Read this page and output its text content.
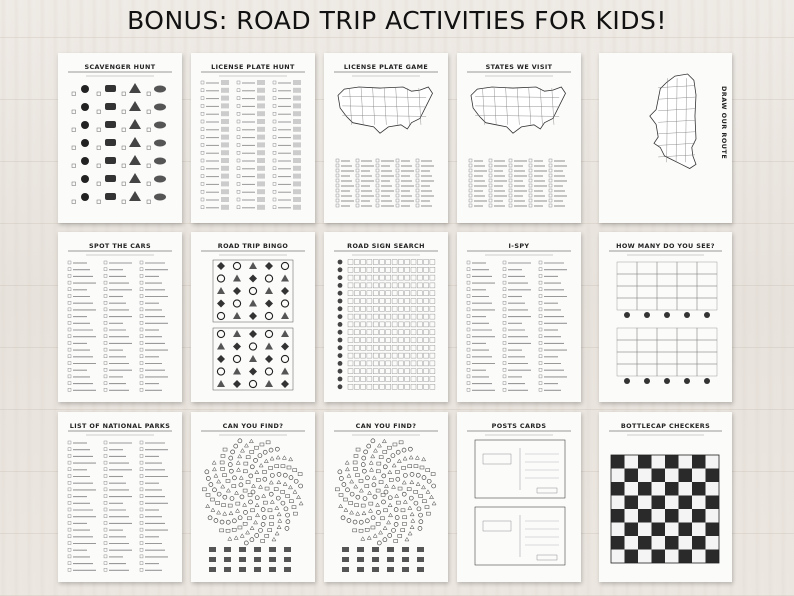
BONUS: ROAD TRIP ACTIVITIES FOR KIDS!
SCAVENGER HUNT	LICENSE PLATE HUNT	LICENSE PLATE GAME	STATES WE VISIT
DRAW OUR ROUTE
SPOT THE CARS	ROAD TRIP BINGO	ROAD SIGN SEARCH	I-SPY	HOW MANY DO YOU SEE?
LIST OF NATIONAL PARKS	CAN YOU FIND?	CAN YOU FIND?	POSTS CARDS	BOTTLECAP CHECKERS
